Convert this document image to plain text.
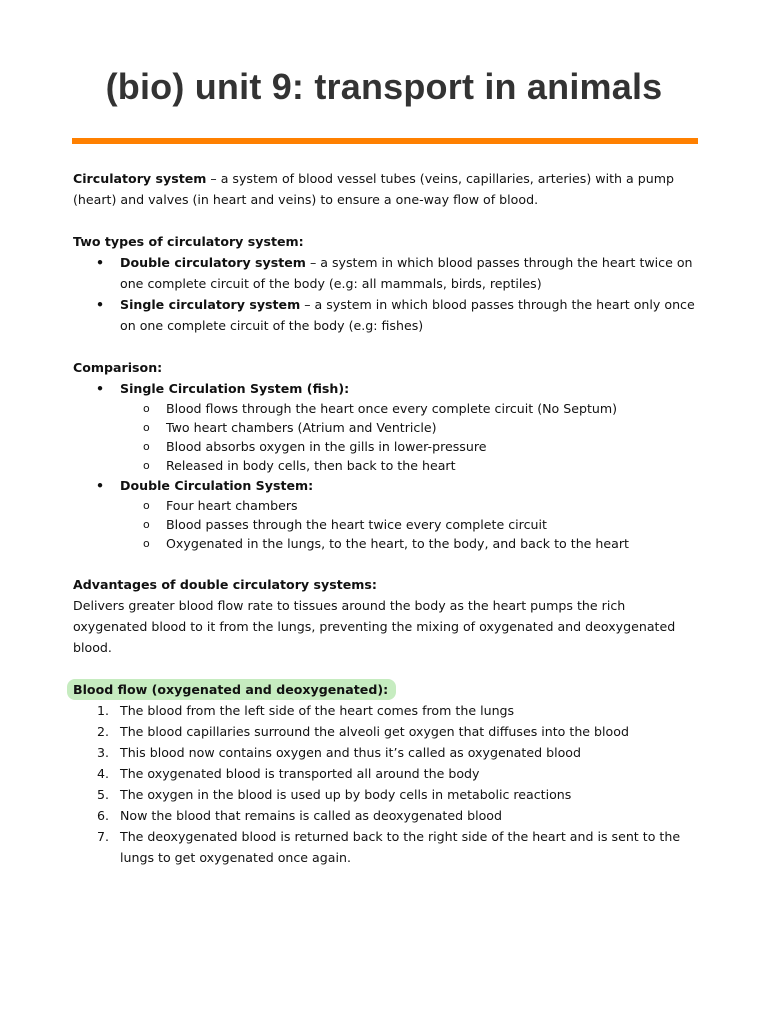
(bio) unit 9: transport in animals

Circulatory system – a system of blood vessel tubes (veins, capillaries, arteries) with a pump (heart) and valves (in heart and veins) to ensure a one-way flow of blood.

Two types of circulatory system:

• Double circulatory system – a system in which blood passes through the heart twice on one complete circuit of the body (e.g: all mammals, birds, reptiles)

• Single circulatory system – a system in which blood passes through the heart only once on one complete circuit of the body (e.g: fishes)

Comparison:

• Single Circulation System (fish):

o Blood flows through the heart once every complete circuit (No Septum)

o Two heart chambers (Atrium and Ventricle)

o Blood absorbs oxygen in the gills in lower-pressure

o Released in body cells, then back to the heart

• Double Circulation System:

o Four heart chambers

o Blood passes through the heart twice every complete circuit

o Oxygenated in the lungs, to the heart, to the body, and back to the heart

Advantages of double circulatory systems:

Delivers greater blood flow rate to tissues around the body as the heart pumps the rich oxygenated blood to it from the lungs, preventing the mixing of oxygenated and deoxygenated blood.

Blood flow (oxygenated and deoxygenated):

1. The blood from the left side of the heart comes from the lungs

2. The blood capillaries surround the alveoli get oxygen that diffuses into the blood

3. This blood now contains oxygen and thus it’s called as oxygenated blood

4. The oxygenated blood is transported all around the body

5. The oxygen in the blood is used up by body cells in metabolic reactions

6. Now the blood that remains is called as deoxygenated blood

7. The deoxygenated blood is returned back to the right side of the heart and is sent to the lungs to get oxygenated once again.
